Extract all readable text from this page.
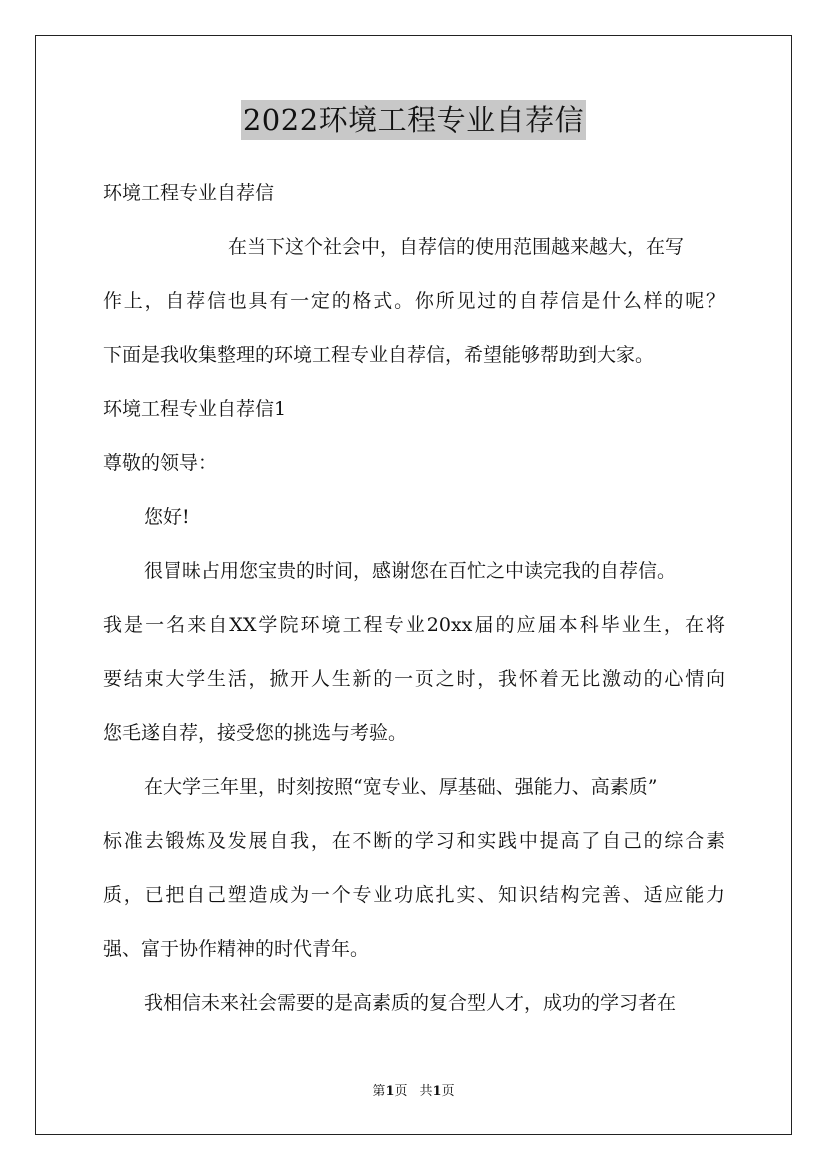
2022环境工程专业自荐信
环境工程专业自荐信
在当下这个社会中，自荐信的使用范围越来越大，在写
作上，自荐信也具有一定的格式。你所见过的自荐信是什么样的呢？
下面是我收集整理的环境工程专业自荐信，希望能够帮助到大家。
环境工程专业自荐信1
尊敬的领导：
您好!
很冒昧占用您宝贵的时间，感谢您在百忙之中读完我的自荐信。
我是一名来自XX学院环境工程专业20xx届的应届本科毕业生，在将
要结束大学生活，掀开人生新的一页之时，我怀着无比激动的心情向
您毛遂自荐，接受您的挑选与考验。
在大学三年里，时刻按照“宽专业、厚基础、强能力、高素质”
标准去锻炼及发展自我，在不断的学习和实践中提高了自己的综合素
质，已把自己塑造成为一个专业功底扎实、知识结构完善、适应能力
强、富于协作精神的时代青年。
我相信未来社会需要的是高素质的复合型人才，成功的学习者在
第1页 共1页
